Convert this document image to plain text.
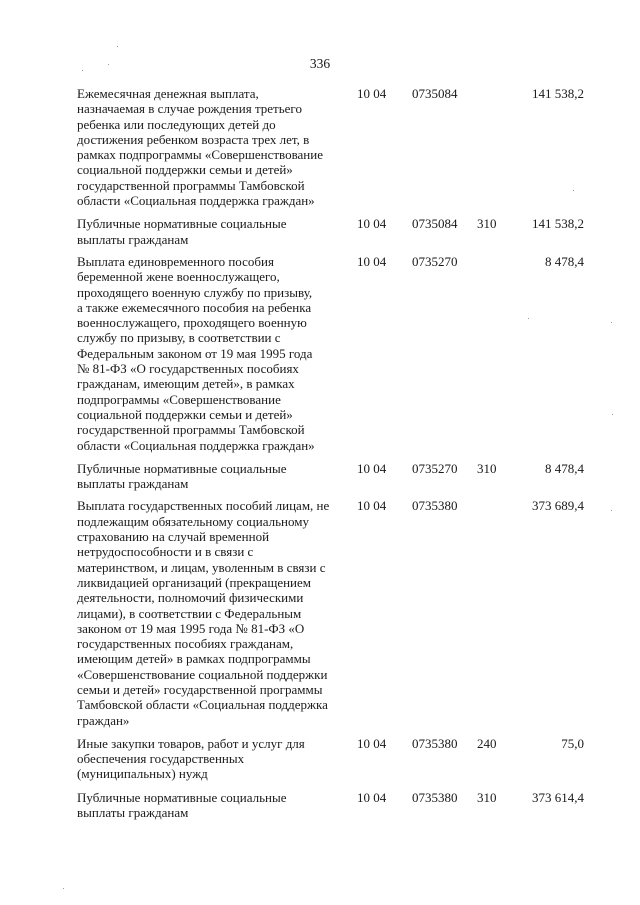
336
Ежемесячная денежная выплата,
назначаемая в случае рождения третьего
ребенка или последующих детей до
достижения ребенком возраста трех лет, в
рамках подпрограммы «Совершенствование
социальной поддержки семьи и детей»
государственной программы Тамбовской
области «Социальная поддержка граждан»
10 04 0735084	141 538,2
Публичные нормативные социальные
выплаты гражданам
10 04 0735084 310	141 538,2
Выплата единовременного пособия
беременной жене военнослужащего,
проходящего военную службу по призыву,
а также ежемесячного пособия на ребенка
военнослужащего, проходящего военную
службу по призыву, в соответствии с
Федеральным законом от 19 мая 1995 года
№ 81-ФЗ «О государственных пособиях
гражданам, имеющим детей», в рамках
подпрограммы «Совершенствование
социальной поддержки семьи и детей»
государственной программы Тамбовской
области «Социальная поддержка граждан»
10 04 0735270	8 478,4
Публичные нормативные социальные
выплаты гражданам
10 04 0735270 310	8 478,4
Выплата государственных пособий лицам, не
подлежащим обязательному социальному
страхованию на случай временной
нетрудоспособности и в связи с
материнством, и лицам, уволенным в связи с
ликвидацией организаций (прекращением
деятельности, полномочий физическими
лицами), в соответствии с Федеральным
законом от 19 мая 1995 года № 81-ФЗ «О
государственных пособиях гражданам,
имеющим детей» в рамках подпрограммы
«Совершенствование социальной поддержки
семьи и детей» государственной программы
Тамбовской области «Социальная поддержка
граждан»
10 04 0735380	373 689,4
Иные закупки товаров, работ и услуг для
обеспечения государственных
(муниципальных) нужд
10 04 0735380 240	75,0
Публичные нормативные социальные
выплаты гражданам
10 04 0735380 310	373 614,4
